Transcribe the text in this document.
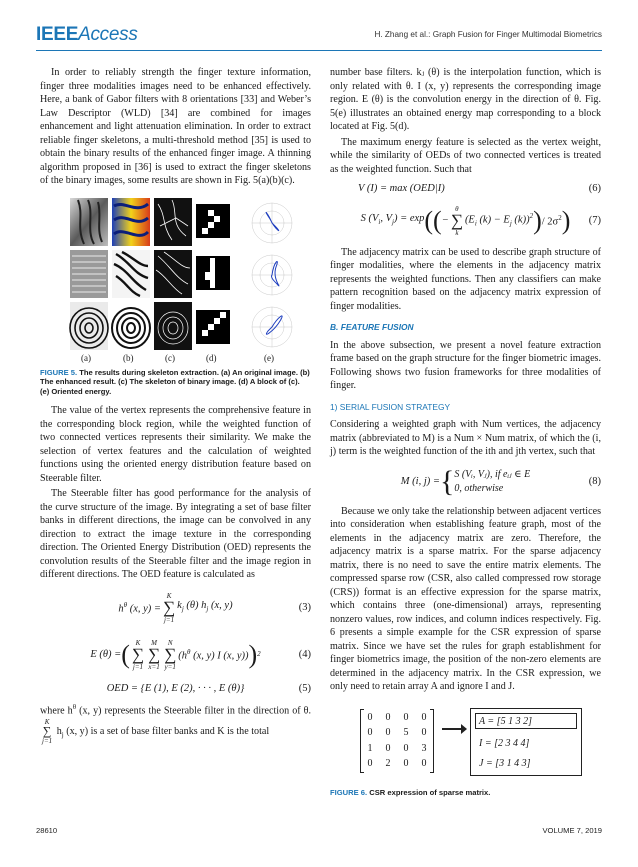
IEEEAccess	H. Zhang et al.: Graph Fusion for Finger Multimodal Biometrics

In order to reliably strength the finger texture information, finger three modalities images need to be enhanced effectively. Here, a bank of Gabor filters with 8 orientations [33] and Weber’s Law Descriptor (WLD) [34] are combined for images enhancement and light attenuation elimination. In order to extract reliable finger skeletons, a multi-threshold method [35] is used to obtain the binary results of the enhanced finger image. A thinning algorithm proposed in [36] is used to extract the finger skeletons of the binary images, some results are shown in Fig. 5(a)(b)(c).

(a)	(b)	(c)	(d)	(e)
FIGURE 5. The results during skeleton extraction. (a) An original image. (b) The enhanced result. (c) The skeleton of binary image. (d) A block of (c). (e) Oriented energy.

The value of the vertex represents the comprehensive feature in the corresponding block region, while the weighted function of two connected vertices represents their similarity. We make the selection of vertex features and the calculation of weighted functions using the oriented energy distribution feature based on Steerable filter.

The Steerable filter has good performance for the analysis of the curve structure of the image. By integrating a set of base filter banks in different directions, the image can be convolved in any direction to extract the image texture in the corresponding direction. The Oriented Energy Distribution (OED) represents the convolution results of the Steerable filter and the image region in different directions. The OED feature is calculated as

$h^\theta$ (x, y) =
K
∑
j=1
$k_j$ (θ) $h_j$ (x, y)	(3)
E (θ) = ( K
∑
j=1
M
∑
x=1
N
∑
y=1
($h^\theta$ (x, y) I (x, y)) ) 2	(4)
OED = {E (1), E (2), · · · , E (θ)}	(5)

where $h^\theta$ (x, y) represents the Steerable filter in the direction of θ.
K
∑
j=1
$h_j$ (x, y) is a set of base filter banks and K is the total

number base filters. kⱼ (θ) is the interpolation function, which is only related with θ. I (x, y) represents the corresponding image region. E (θ) is the convolution energy in the direction of θ. Fig. 5(e) illustrates an obtained energy map corresponding to a block located at Fig. 5(d).

The maximum energy feature is selected as the vertex weight, while the similarity of OEDs of two connected vertices is treated as the weighted function. Such that

V (I) = max (OED|I)	(6)
S ($V_i$, $V_j) = \exp$ (( −
θ
∑
k
($E_i$ $(k) - E_j$ (k))$^2$ ) / $2\sigma^2$ ) (7)

The adjacency matrix can be used to describe graph structure of finger modalities, where the elements in the adjacency matrix represents the weighted functions. Then any classifiers can make pattern recognition based on the adjacency matrix expression of finger modalities.

B. FEATURE FUSION

In the above subsection, we present a novel feature extraction frame based on the graph structure for the finger biometric images. Following shows two fusion frameworks for three modalities of finger.

1) SERIAL FUSION STRATEGY

Considering a weighted graph with Num vertices, the adjacency matrix (abbreviated to M) is a Num × Num matrix, of which the (i, j) term is the weighted function of the ith and jth vertex, such that

M (i, j) = { S (Vᵢ, Vⱼ), if eᵢⱼ ∈ E
0, otherwise
(8)

Because we only take the relationship between adjacent vertices into consideration when establishing feature graph, most of the elements in the adjacency matrix are zero. Therefore, the adjacency matrix is a sparse matrix. For the sparse adjacency matrix, there is no need to save the entire matrix elements. The compressed sparse row (CSR, also called compressed row storage (CRS)) format is an effective expression for the sparse matrix, which contains three (one-dimensional) arrays, representing nonzero values, row indices, and column indices respectively. Fig. 6 presents a simple example for the CSR expression of sparse matrix. Since we have set the rules for graph establishment for finger biometrics image, the position of the non-zero elements are determined in the adjacency matrix. In the CSR expression, we only need to retain array A and ignore I and J.

0 0 0 0
0 0 5 0
1 0 0 3
0 2 0 0
A = [5 1 3 2]
I = [2 3 4 4]
J = [3 1 4 3]
FIGURE 6. CSR expression of sparse matrix.
28610	VOLUME 7, 2019
